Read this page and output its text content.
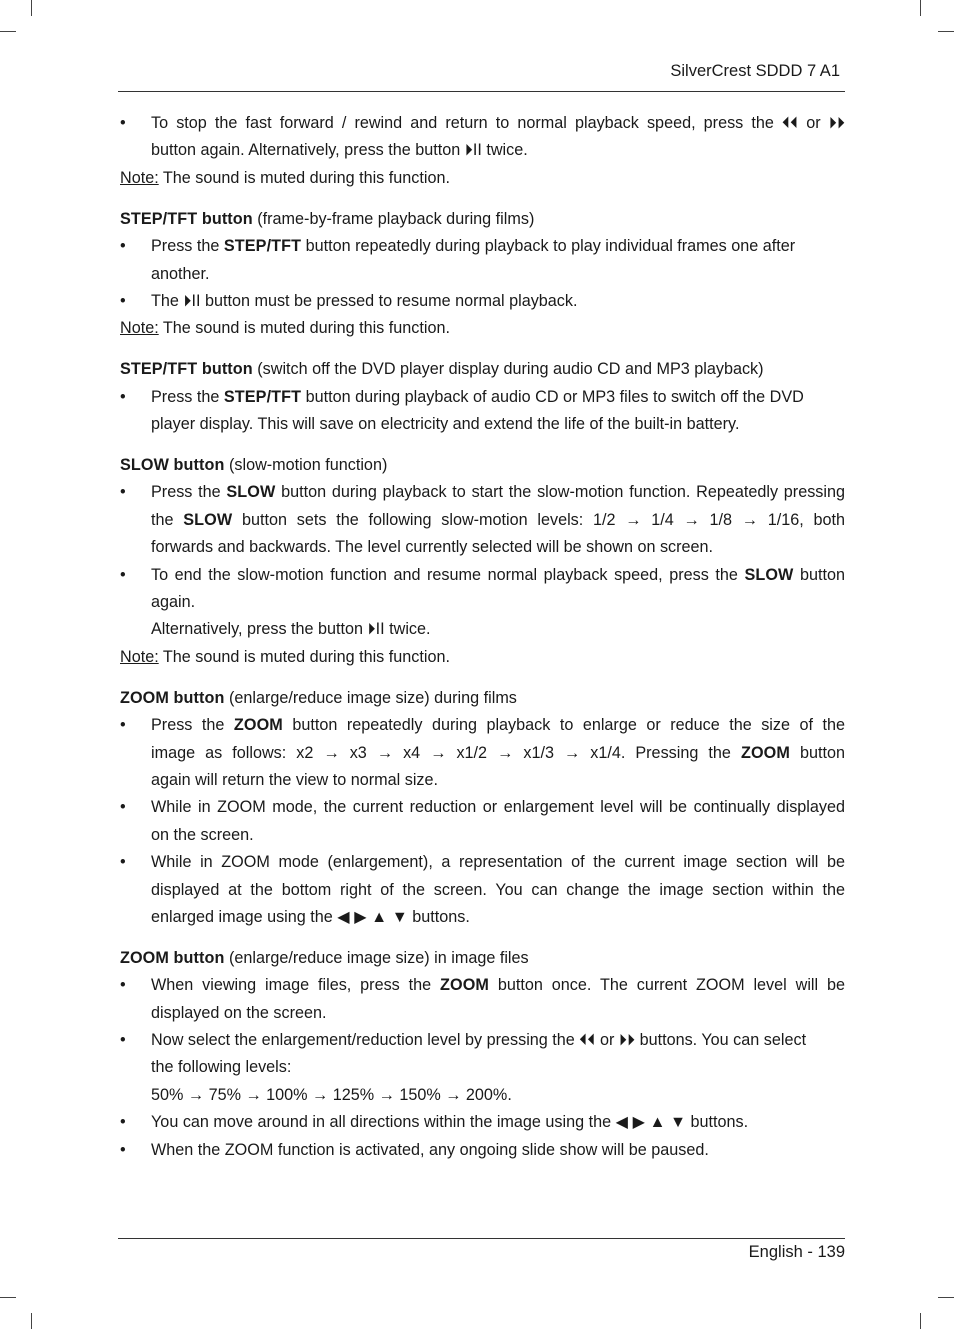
SilverCrest SDDD 7 A1
• To stop the fast forward / rewind and return to normal playback speed, press the ⏴⏴ or ⏵⏵
button again. Alternatively, press the button ⏵II twice.
Note: The sound is muted during this function.
STEP/TFT button (frame-by-frame playback during films)
• Press the STEP/TFT button repeatedly during playback to play individual frames one after
another.
• The ⏵II button must be pressed to resume normal playback.
Note: The sound is muted during this function.
STEP/TFT button (switch off the DVD player display during audio CD and MP3 playback)
• Press the STEP/TFT button during playback of audio CD or MP3 files to switch off the DVD
player display. This will save on electricity and extend the life of the built-in battery.
SLOW button (slow-motion function)
• Press the SLOW button during playback to start the slow-motion function. Repeatedly pressing
the SLOW button sets the following slow-motion levels: 1/2 → 1/4 → 1/8 → 1/16, both
forwards and backwards. The level currently selected will be shown on screen.
• To end the slow-motion function and resume normal playback speed, press the SLOW button
again.
Alternatively, press the button ⏵II twice.
Note: The sound is muted during this function.
ZOOM button (enlarge/reduce image size) during films
• Press the ZOOM button repeatedly during playback to enlarge or reduce the size of the
image as follows: x2 → x3 → x4 → x1/2 → x1/3 → x1/4. Pressing the ZOOM button
again will return the view to normal size.
• While in ZOOM mode, the current reduction or enlargement level will be continually displayed
on the screen.
• While in ZOOM mode (enlargement), a representation of the current image section will be
displayed at the bottom right of the screen. You can change the image section within the
enlarged image using the ◀ ▶ ▲ ▼ buttons.
ZOOM button (enlarge/reduce image size) in image files
• When viewing image files, press the ZOOM button once. The current ZOOM level will be
displayed on the screen.
• Now select the enlargement/reduction level by pressing the ⏴⏴ or ⏵⏵ buttons. You can select
the following levels:
50% → 75% → 100% → 125% → 150% → 200%.
• You can move around in all directions within the image using the ◀ ▶ ▲ ▼ buttons.
• When the ZOOM function is activated, any ongoing slide show will be paused.
English - 139
